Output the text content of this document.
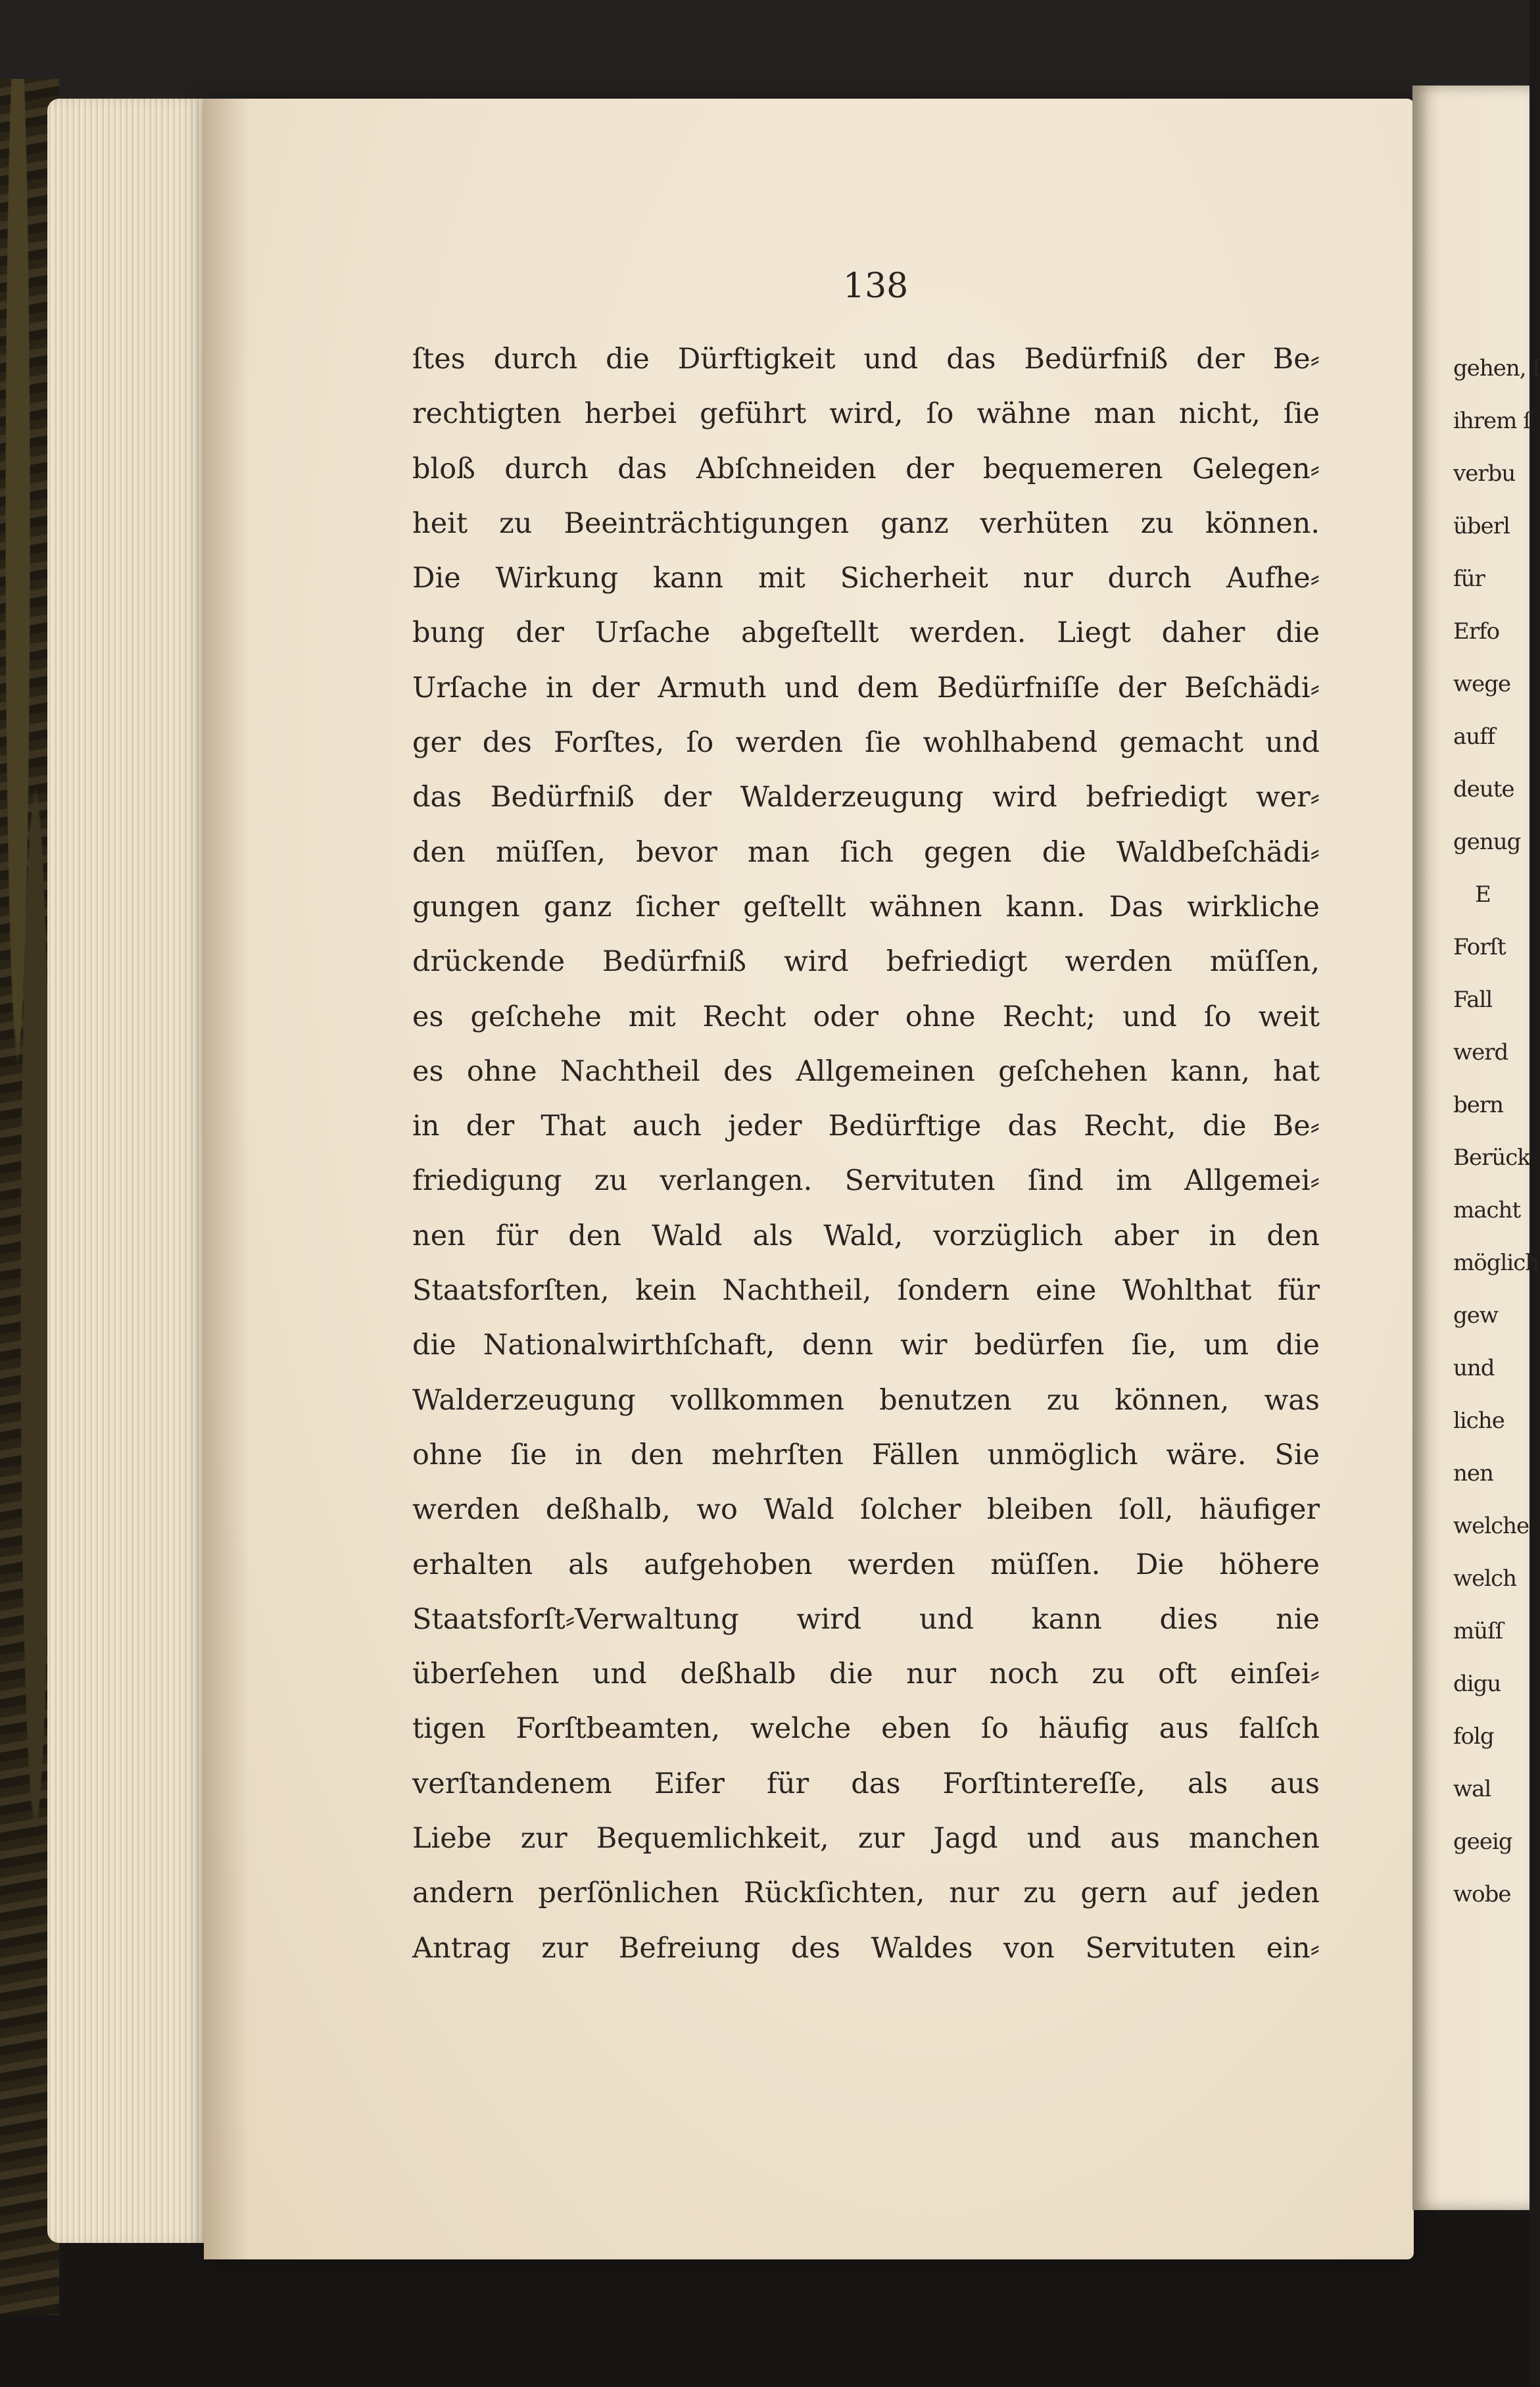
138
ſtes durch die Dürftigkeit und das Bedürfniß der Be⸗
rechtigten herbei geführt wird, ſo wähne man nicht, ſie
bloß durch das Abſchneiden der bequemeren Gelegen⸗
heit zu Beeinträchtigungen ganz verhüten zu können.
Die Wirkung kann mit Sicherheit nur durch Aufhe⸗
bung der Urſache abgeſtellt werden. Liegt daher die
Urſache in der Armuth und dem Bedürfniſſe der Beſchädi⸗
ger des Forſtes, ſo werden ſie wohlhabend gemacht und
das Bedürfniß der Walderzeugung wird befriedigt wer⸗
den müſſen, bevor man ſich gegen die Waldbeſchädi⸗
gungen ganz ſicher geſtellt wähnen kann. Das wirkliche
drückende Bedürfniß wird befriedigt werden müſſen,
es geſchehe mit Recht oder ohne Recht; und ſo weit
es ohne Nachtheil des Allgemeinen geſchehen kann, hat
in der That auch jeder Bedürftige das Recht, die Be⸗
friedigung zu verlangen. Servituten ſind im Allgemei⸗
nen für den Wald als Wald, vorzüglich aber in den
Staatsforſten, kein Nachtheil, ſondern eine Wohlthat für
die Nationalwirthſchaft, denn wir bedürfen ſie, um die
Walderzeugung vollkommen benutzen zu können, was
ohne ſie in den mehrſten Fällen unmöglich wäre. Sie
werden deßhalb, wo Wald ſolcher bleiben ſoll, häufiger
erhalten als aufgehoben werden müſſen. Die höhere
Staatsforſt⸗Verwaltung wird und kann dies nie
überſehen und deßhalb die nur noch zu oft einſei⸗
tigen Forſtbeamten, welche eben ſo häufig aus falſch
verſtandenem Eifer für das Forſtintereſſe, als aus
Liebe zur Bequemlichkeit, zur Jagd und aus manchen
andern perſönlichen Rückſichten, nur zu gern auf jeden
Antrag zur Befreiung des Waldes von Servituten ein⸗
gehen, ſ
ihrem ſ
verbu
überl
für
Erfo
wege
auff
deute
genug
E
Forſt
Fall
werd
bern
Berück
macht
möglich
gew
und
liche
nen
welche
welch
müſſ
digu
folg
wal
geeig
wobe
